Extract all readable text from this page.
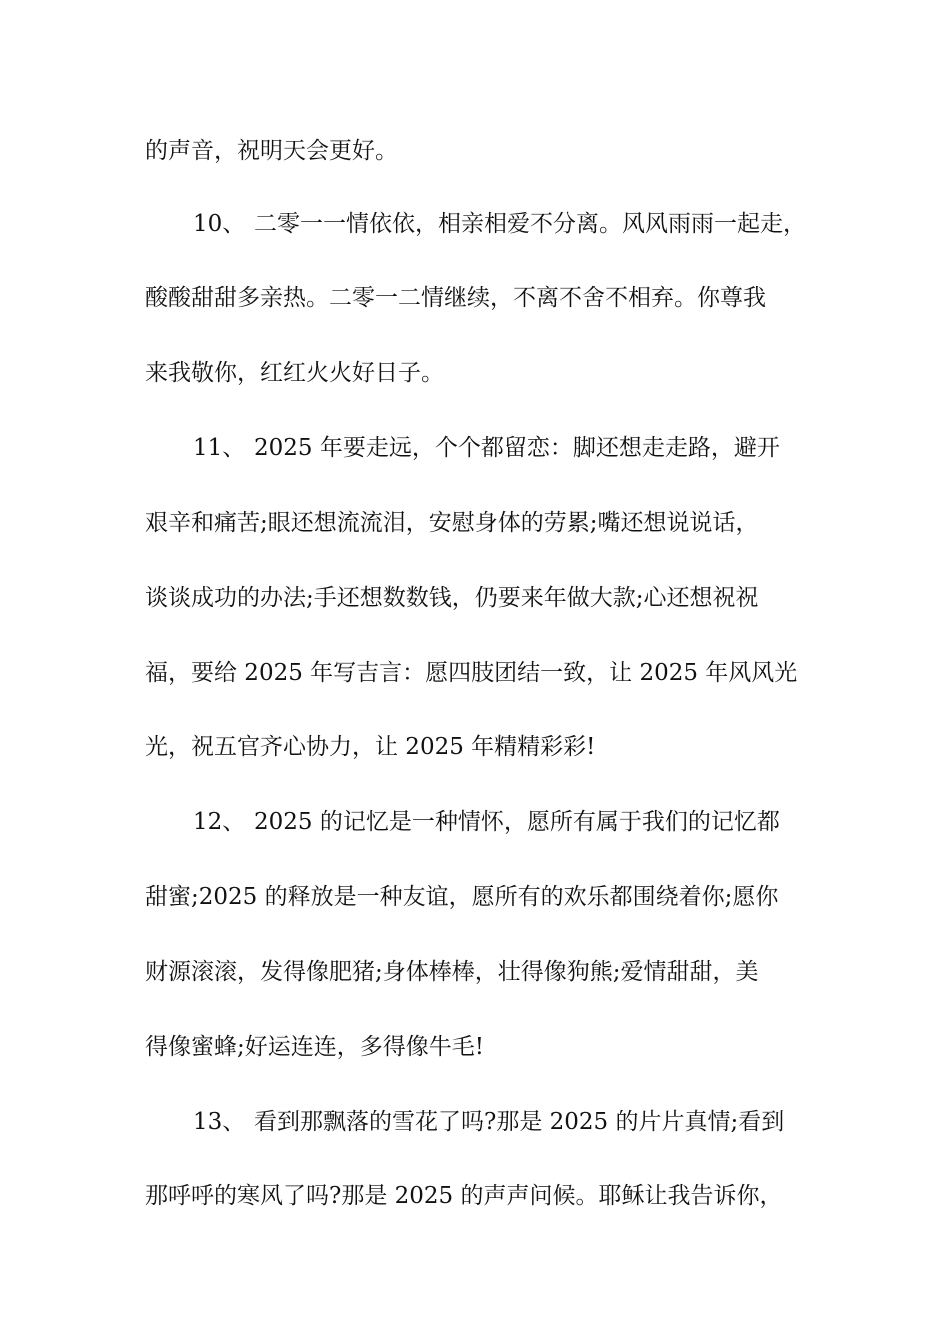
的声音，祝明天会更好。
10、 二零一一情依依，相亲相爱不分离。风风雨雨一起走，
酸酸甜甜多亲热。二零一二情继续，不离不舍不相弃。你尊我
来我敬你，红红火火好日子。
11、 2025 年要走远，个个都留恋：脚还想走走路，避开
艰辛和痛苦;眼还想流流泪，安慰身体的劳累;嘴还想说说话，
谈谈成功的办法;手还想数数钱，仍要来年做大款;心还想祝祝
福，要给 2025 年写吉言：愿四肢团结一致，让 2025 年风风光
光，祝五官齐心协力，让 2025 年精精彩彩!
12、 2025 的记忆是一种情怀，愿所有属于我们的记忆都
甜蜜;2025 的释放是一种友谊，愿所有的欢乐都围绕着你;愿你
财源滚滚，发得像肥猪;身体棒棒，壮得像狗熊;爱情甜甜，美
得像蜜蜂;好运连连，多得像牛毛!
13、 看到那飘落的雪花了吗?那是 2025 的片片真情;看到
那呼呼的寒风了吗?那是 2025 的声声问候。耶稣让我告诉你，
